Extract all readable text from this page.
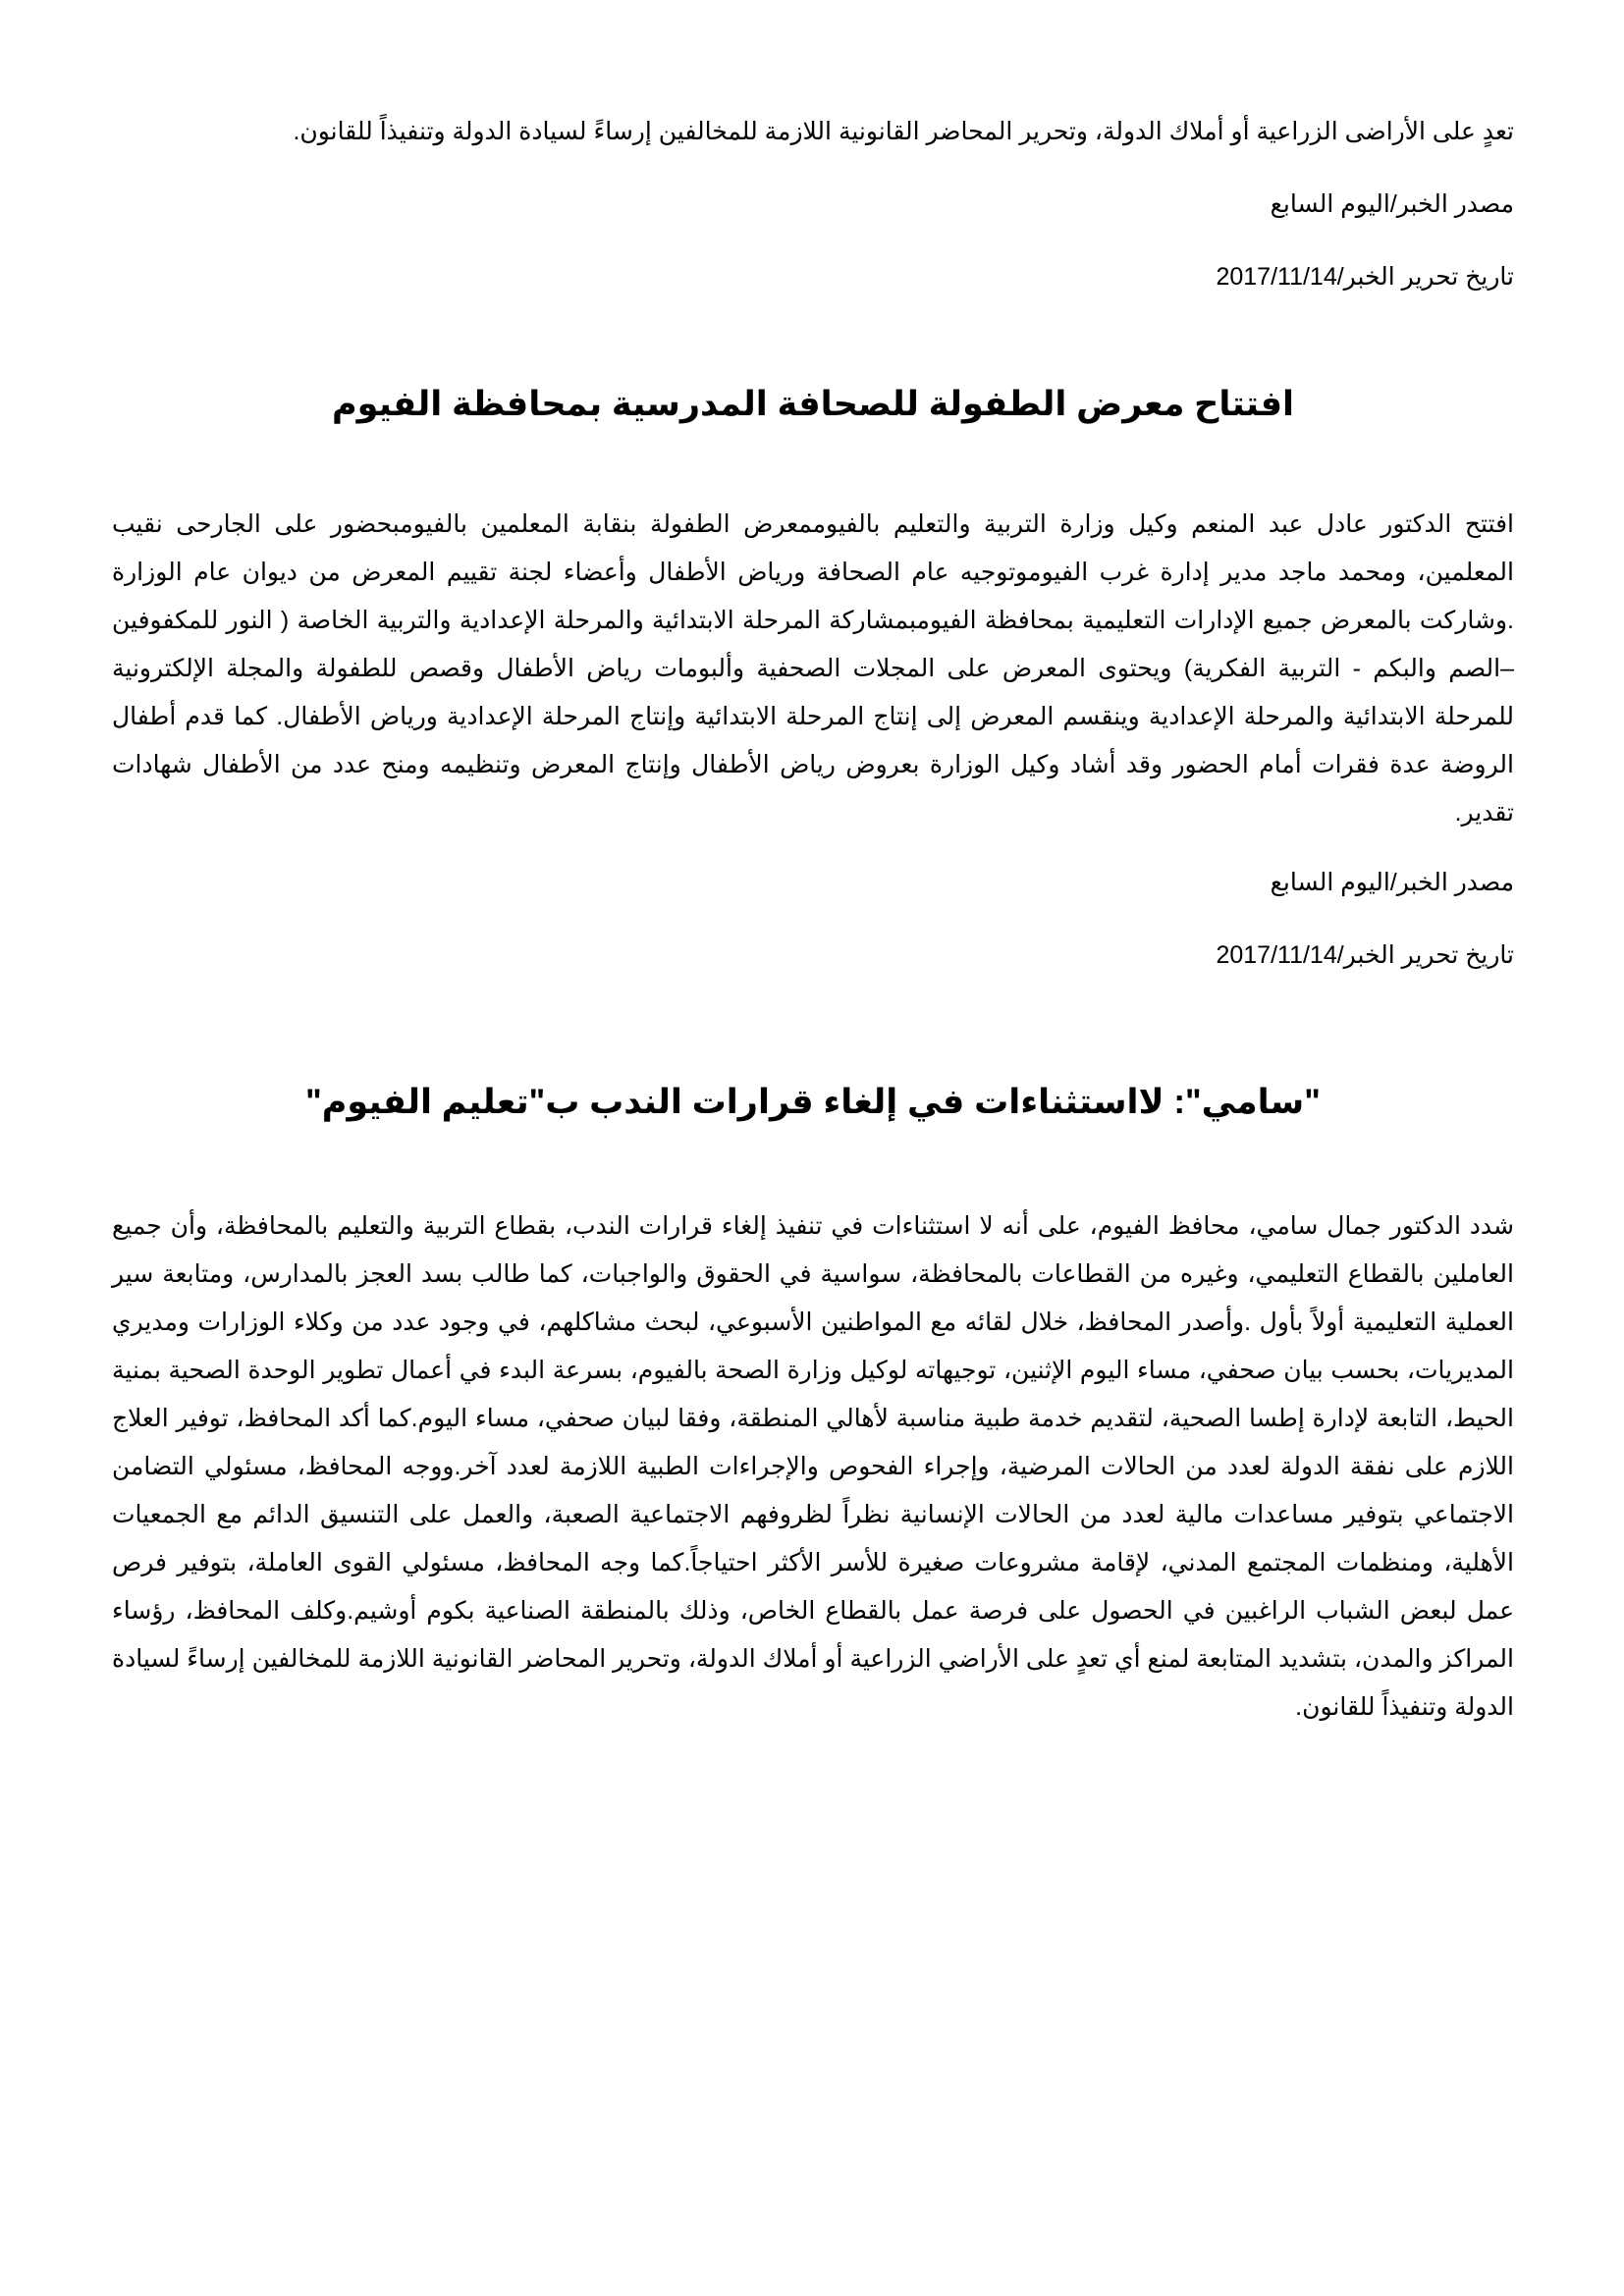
تعدٍ على الأراضى الزراعية أو أملاك الدولة، وتحرير المحاضر القانونية اللازمة للمخالفين إرساءً لسيادة الدولة وتنفيذاً للقانون.

مصدر الخبر/اليوم السابع

تاريخ تحرير الخبر/2017/11/14

افتتاح معرض الطفولة للصحافة المدرسية بمحافظة الفيوم

افتتح الدكتور عادل عبد المنعم وكيل وزارة التربية والتعليم بالفيوممعرض الطفولة بنقابة المعلمين بالفيومبحضور على الجارحى نقيب المعلمين، ومحمد ماجد مدير إدارة غرب الفيوموتوجيه عام الصحافة ورياض الأطفال وأعضاء لجنة تقييم المعرض من ديوان عام الوزارة .وشاركت بالمعرض جميع الإدارات التعليمية بمحافظة الفيومبمشاركة المرحلة الابتدائية والمرحلة الإعدادية والتربية الخاصة ( النور للمكفوفين –الصم والبكم - التربية الفكرية) ويحتوى المعرض على المجلات الصحفية وألبومات رياض الأطفال وقصص للطفولة والمجلة الإلكترونية للمرحلة الابتدائية والمرحلة الإعدادية وينقسم المعرض إلى إنتاج المرحلة الابتدائية وإنتاج المرحلة الإعدادية ورياض الأطفال. كما قدم أطفال الروضة عدة فقرات أمام الحضور وقد أشاد وكيل الوزارة بعروض رياض الأطفال وإنتاج المعرض وتنظيمه ومنح عدد من الأطفال شهادات تقدير.

مصدر الخبر/اليوم السابع

تاريخ تحرير الخبر/2017/11/14

"سامي": لااستثناءات في إلغاء قرارات الندب ب"تعليم الفيوم"

شدد الدكتور جمال سامي، محافظ الفيوم، على أنه لا استثناءات في تنفيذ إلغاء قرارات الندب، بقطاع التربية والتعليم بالمحافظة، وأن جميع العاملين بالقطاع التعليمي، وغيره من القطاعات بالمحافظة، سواسية في الحقوق والواجبات، كما طالب بسد العجز بالمدارس، ومتابعة سير العملية التعليمية أولاً بأول .وأصدر المحافظ، خلال لقائه مع المواطنين الأسبوعي، لبحث مشاكلهم، في وجود عدد من وكلاء الوزارات ومديري المديريات، بحسب بيان صحفي، مساء اليوم الإثنين، توجيهاته لوكيل وزارة الصحة بالفيوم، بسرعة البدء في أعمال تطوير الوحدة الصحية بمنية الحيط، التابعة لإدارة إطسا الصحية، لتقديم خدمة طبية مناسبة لأهالي المنطقة، وفقا لبيان صحفي، مساء اليوم.كما أكد المحافظ، توفير العلاج اللازم على نفقة الدولة لعدد من الحالات المرضية، وإجراء الفحوص والإجراءات الطبية اللازمة لعدد آخر.ووجه المحافظ، مسئولي التضامن الاجتماعي بتوفير مساعدات مالية لعدد من الحالات الإنسانية نظراً لظروفهم الاجتماعية الصعبة، والعمل على التنسيق الدائم مع الجمعيات الأهلية، ومنظمات المجتمع المدني، لإقامة مشروعات صغيرة للأسر الأكثر احتياجاً.كما وجه المحافظ، مسئولي القوى العاملة، بتوفير فرص عمل لبعض الشباب الراغبين في الحصول على فرصة عمل بالقطاع الخاص، وذلك بالمنطقة الصناعية بكوم أوشيم.وكلف المحافظ، رؤساء المراكز والمدن، بتشديد المتابعة لمنع أي تعدٍ على الأراضي الزراعية أو أملاك الدولة، وتحرير المحاضر القانونية اللازمة للمخالفين إرساءً لسيادة الدولة وتنفيذاً للقانون.
